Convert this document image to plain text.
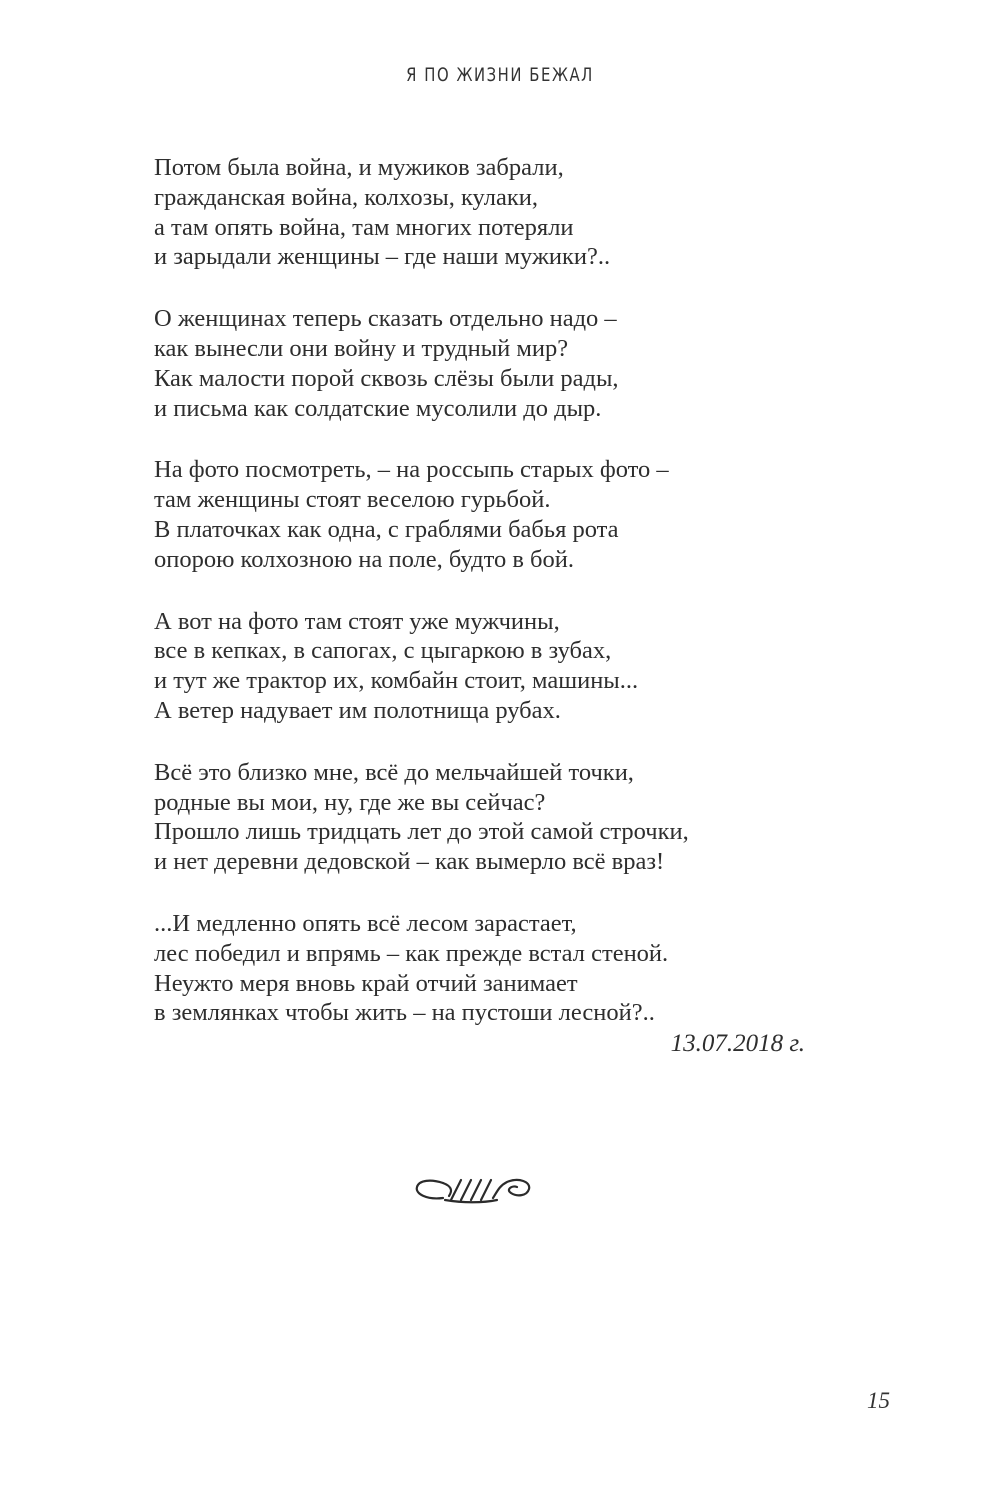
Я ПО ЖИЗНИ БЕЖАЛ
Потом была война, и мужиков забрали,
гражданская война, колхозы, кулаки,
а там опять война, там многих потеряли
и зарыдали женщины – где наши мужики?..
О женщинах теперь сказать отдельно надо –
как вынесли они войну и трудный мир?
Как малости порой сквозь слёзы были рады,
и письма как солдатские мусолили до дыр.
На фото посмотреть, – на россыпь старых фото –
там женщины стоят веселою гурьбой.
В платочках как одна, с граблями бабья рота
опорою колхозною на поле, будто в бой.
А вот на фото там стоят уже мужчины,
все в кепках, в сапогах, с цыгаркою в зубах,
и тут же трактор их, комбайн стоит, машины...
А ветер надувает им полотнища рубах.
Всё это близко мне, всё до мельчайшей точки,
родные вы мои, ну, где же вы сейчас?
Прошло лишь тридцать лет до этой самой строчки,
и нет деревни дедовской – как вымерло всё враз!
...И медленно опять всё лесом зарастает,
лес победил и впрямь – как прежде встал стеной.
Неужто меря вновь край отчий занимает
в землянках чтобы жить – на пустоши лесной?..
13.07.2018 г.
15
